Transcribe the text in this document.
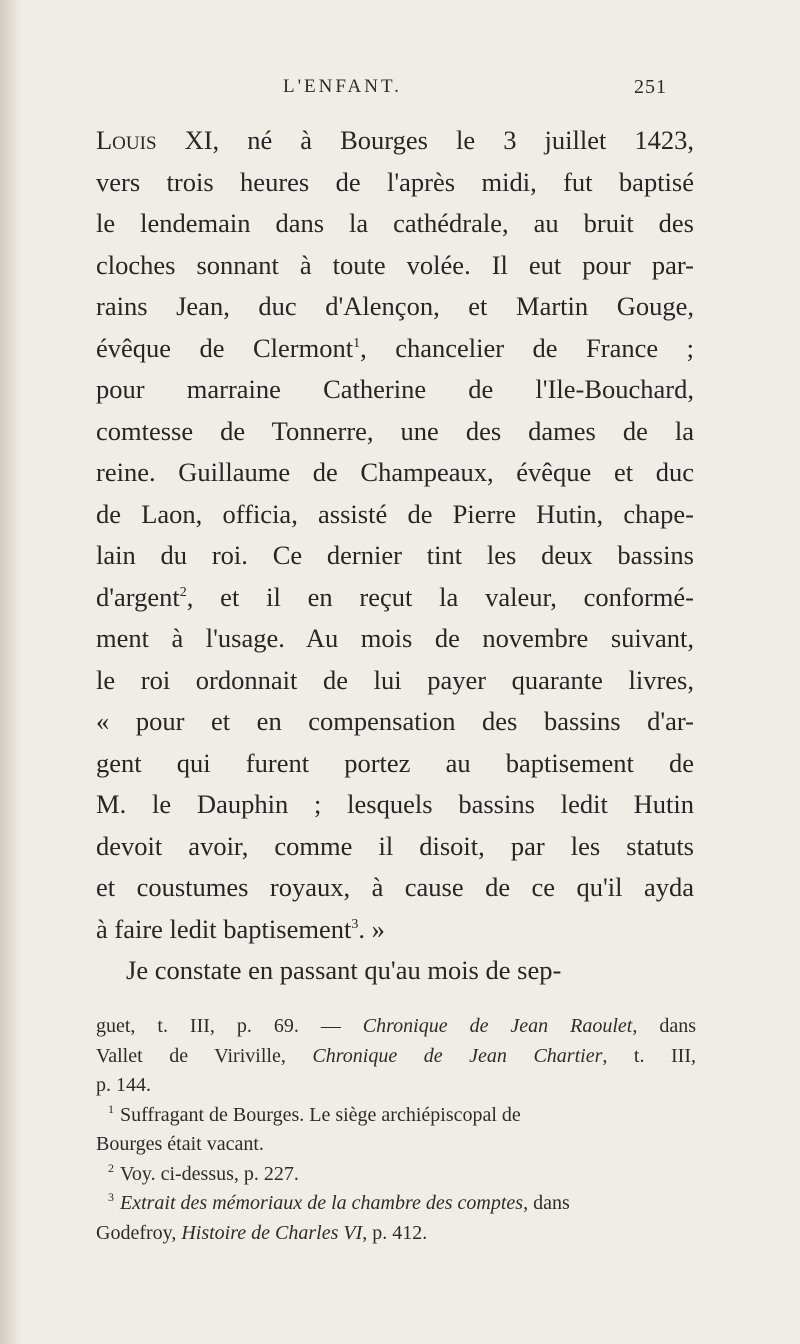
L'ENFANT.	251
Louis XI, né à Bourges le 3 juillet 1423,
vers trois heures de l'après midi, fut baptisé
le lendemain dans la cathédrale, au bruit des
cloches sonnant à toute volée. Il eut pour par-
rains Jean, duc d'Alençon, et Martin Gouge,
évêque de Clermont$^1$, chancelier de France ;
pour marraine Catherine de l'Ile-Bouchard,
comtesse de Tonnerre, une des dames de la
reine. Guillaume de Champeaux, évêque et duc
de Laon, officia, assisté de Pierre Hutin, chape-
lain du roi. Ce dernier tint les deux bassins
d'argent$^2$, et il en reçut la valeur, conformé-
ment à l'usage. Au mois de novembre suivant,
le roi ordonnait de lui payer quarante livres,
« pour et en compensation des bassins d'ar-
gent qui furent portez au baptisement de
M. le Dauphin ; lesquels bassins ledit Hutin
devoit avoir, comme il disoit, par les statuts
et coustumes royaux, à cause de ce qu'il ayda
à faire ledit baptisement$^3$. »
Je constate en passant qu'au mois de sep-
guet, t. III, p. 69. — Chronique de Jean Raoulet, dans
Vallet de Viriville, Chronique de Jean Chartier, t. III,
p. 144.
$^1$ Suffragant de Bourges. Le siège archiépiscopal de
Bourges était vacant.
$^2$ Voy. ci-dessus, p. 227.
$^3$ Extrait des mémoriaux de la chambre des comptes, dans
Godefroy, Histoire de Charles VI, p. 412.
